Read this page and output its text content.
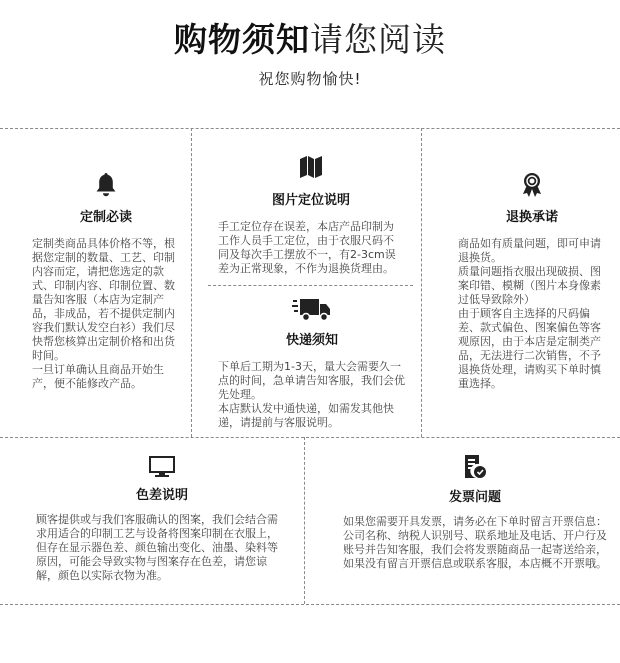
购物须知请您阅读
祝您购物愉快!
定制必读

定制类商品具体价格不等，根据您定制的数量、工艺、印制内容而定，请把您选定的款式、印制内容、印制位置、数量告知客服（本店为定制产品，非成品，若不提供定制内容我们默认发空白衫）我们尽快帮您核算出定制价格和出货时间。

一旦订单确认且商品开始生产，便不能修改产品。

图片定位说明

手工定位存在误差，本店产品印制为工作人员手工定位，由于衣服尺码不同及每次手工摆放不一，有2-3cm误差为正常现象，不作为退换货理由。

快递须知

下单后工期为1-3天，量大会需要久一点的时间，急单请告知客服，我们会优先处理。

本店默认发中通快递，如需发其他快递，请提前与客服说明。

退换承诺

商品如有质量问题，即可申请退换货。

质量问题指衣服出现破损、图案印错、模糊（图片本身像素过低导致除外）

由于顾客自主选择的尺码偏差、款式偏色、图案偏色等客观原因，由于本店是定制类产品，无法进行二次销售，不予退换货处理，请购买下单时慎重选择。

色差说明

顾客提供或与我们客服确认的图案，我们会结合需求用适合的印制工艺与设备将图案印制在衣服上，但存在显示器色差、颜色输出变化、油墨、染料等原因，可能会导致实物与图案存在色差，请您谅解，颜色以实际衣物为准。

发票问题

如果您需要开具发票，请务必在下单时留言开票信息：公司名称、纳税人识别号、联系地址及电话、开户行及账号并告知客服，我们会将发票随商品一起寄送给亲，如果没有留言开票信息或联系客服，本店概不开票哦。
